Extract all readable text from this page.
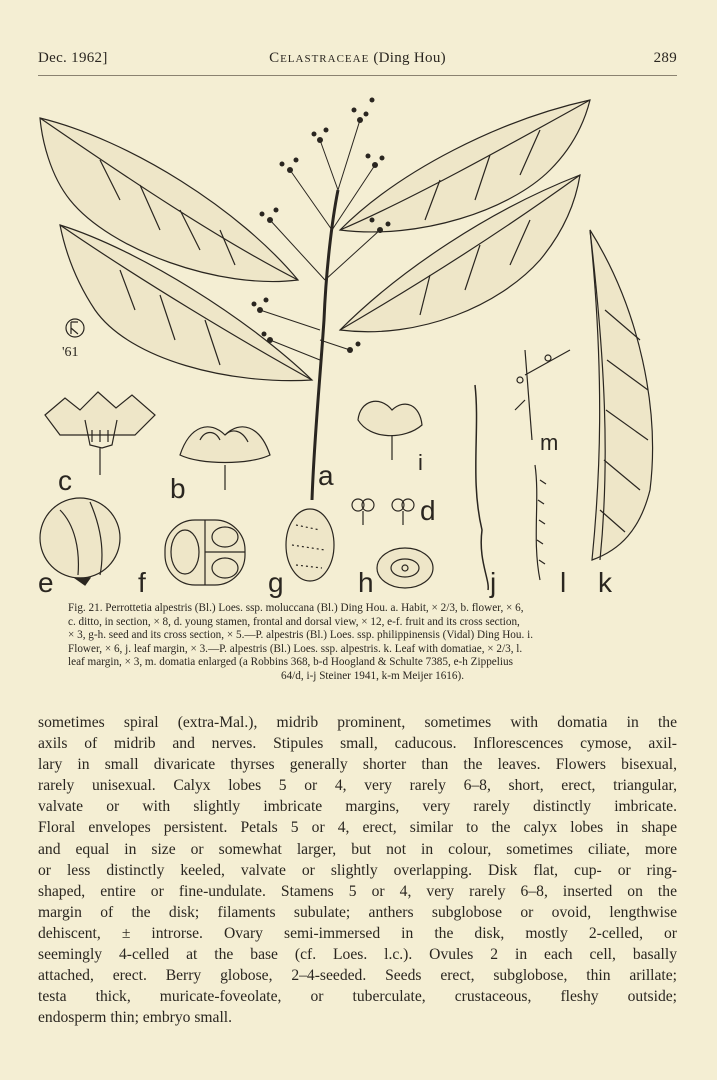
Dec. 1962]	Celastraceae (Ding Hou)	289
'61
c	b	a	i
d
e	f	g	h	j l k
m
Fig. 21. Perrottetia alpestris (Bl.) Loes. ssp. moluccana (Bl.) Ding Hou. a. Habit, × 2/3, b. flower, × 6,
c. ditto, in section, × 8, d. young stamen, frontal and dorsal view, × 12, e-f. fruit and its cross section,
× 3, g-h. seed and its cross section, × 5.—P. alpestris (Bl.) Loes. ssp. philippinensis (Vidal) Ding Hou. i.
Flower, × 6, j. leaf margin, × 3.—P. alpestris (Bl.) Loes. ssp. alpestris. k. Leaf with domatiae, × 2/3, l.
leaf margin, × 3, m. domatia enlarged (a Robbins 368, b-d Hoogland & Schulte 7385, e-h Zippelius
64/d, i-j Steiner 1941, k-m Meijer 1616).
sometimes spiral (extra-Mal.), midrib prominent, sometimes with domatia in the
axils of midrib and nerves. Stipules small, caducous. Inflorescences cymose, axil-
lary in small divaricate thyrses generally shorter than the leaves. Flowers bisexual,
rarely unisexual. Calyx lobes 5 or 4, very rarely 6–8, short, erect, triangular,
valvate or with slightly imbricate margins, very rarely distinctly imbricate.
Floral envelopes persistent. Petals 5 or 4, erect, similar to the calyx lobes in shape
and equal in size or somewhat larger, but not in colour, sometimes ciliate, more
or less distinctly keeled, valvate or slightly overlapping. Disk flat, cup- or ring-
shaped, entire or fine-undulate. Stamens 5 or 4, very rarely 6–8, inserted on the
margin of the disk; filaments subulate; anthers subglobose or ovoid, lengthwise
dehiscent, ± introrse. Ovary semi-immersed in the disk, mostly 2-celled, or
seemingly 4-celled at the base (cf. Loes. l.c.). Ovules 2 in each cell, basally
attached, erect. Berry globose, 2–4-seeded. Seeds erect, subglobose, thin arillate;
testa thick, muricate-foveolate, or tuberculate, crustaceous, fleshy outside;
endosperm thin; embryo small.
